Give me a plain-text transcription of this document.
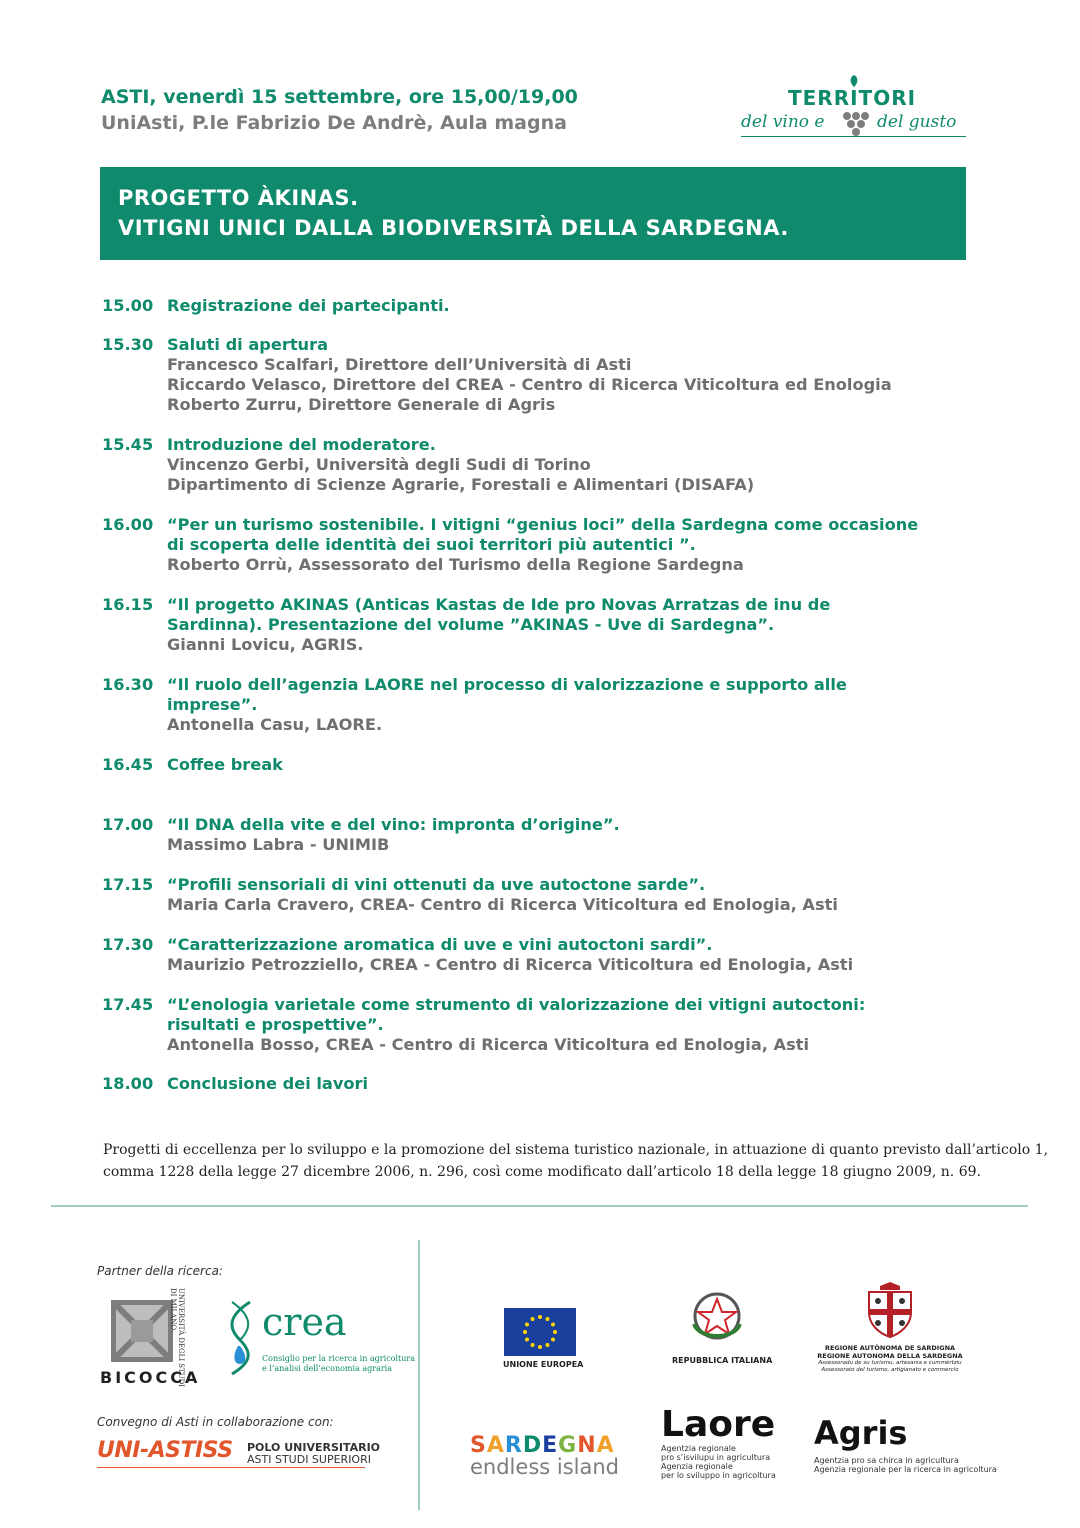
ASTI, venerdì 15 settembre, ore 15,00/19,00
UniAsti, P.le Fabrizio De Andrè, Aula magna
TERRITORI
del vino e	del gusto
PROGETTO ÀKINAS.
VITIGNI UNICI DALLA BIODIVERSITÀ DELLA SARDEGNA.
15.00 Registrazione dei partecipanti.
15.30 Saluti di apertura
Francesco Scalfari, Direttore dell’Università di Asti
Riccardo Velasco, Direttore del CREA - Centro di Ricerca Viticoltura ed Enologia
Roberto Zurru, Direttore Generale di Agris
15.45 Introduzione del moderatore.
Vincenzo Gerbi, Università degli Sudi di Torino
Dipartimento di Scienze Agrarie, Forestali e Alimentari (DISAFA)
16.00 “Per un turismo sostenibile. I vitigni “genius loci” della Sardegna come occasione
di scoperta delle identità dei suoi territori più autentici ”.
Roberto Orrù, Assessorato del Turismo della Regione Sardegna
16.15 “Il progetto AKINAS (Anticas Kastas de Ide pro Novas Arratzas de inu de
Sardinna). Presentazione del volume ”AKINAS - Uve di Sardegna”.
Gianni Lovicu, AGRIS.
16.30 “Il ruolo dell’agenzia LAORE nel processo di valorizzazione e supporto alle
imprese”.
Antonella Casu, LAORE.
16.45 Coffee break
17.00 “Il DNA della vite e del vino: impronta d’origine”.
Massimo Labra - UNIMIB
17.15 “Profili sensoriali di vini ottenuti da uve autoctone sarde”.
Maria Carla Cravero, CREA- Centro di Ricerca Viticoltura ed Enologia, Asti
17.30 “Caratterizzazione aromatica di uve e vini autoctoni sardi”.
Maurizio Petrozziello, CREA - Centro di Ricerca Viticoltura ed Enologia, Asti
17.45 “L’enologia varietale come strumento di valorizzazione dei vitigni autoctoni:
risultati e prospettive”.
Antonella Bosso, CREA - Centro di Ricerca Viticoltura ed Enologia, Asti
18.00 Conclusione dei lavori
Progetti di eccellenza per lo sviluppo e la promozione del sistema turistico nazionale, in attuazione di quanto previsto dall’articolo 1,
comma 1228 della legge 27 dicembre 2006, n. 296, così come modificato dall’articolo 18 della legge 18 giugno 2009, n. 69.
Partner della ricerca:
UNIVERSITÀ DEGLI STUDI DI MILANO
BICOCCA
crea
Consiglio per la ricerca in agricoltura
e l’analisi dell’economia agraria
Convegno di Asti in collaborazione con:
UNI-ASTISS POLO UNIVERSITARIO
ASTI STUDI SUPERIORI
UNIONE EUROPEA	REPUBBLICA ITALIANA
REGIONE AUTÒNOMA DE SARDIGNA
REGIONE AUTONOMA DELLA SARDEGNA
Assessoradu de su turismu, artesania e cummèrtziu
Assessorato del turismo, artigianato e commercio
SARDEGNA
endless island
Laore
Agentzia regionale
pro s’isvilupu in agricultura
Agenzia regionale
per lo sviluppo in agricoltura
Agris
Agentzia pro sa chirca in agricultura
Agenzia regionale per la ricerca in agricoltura
